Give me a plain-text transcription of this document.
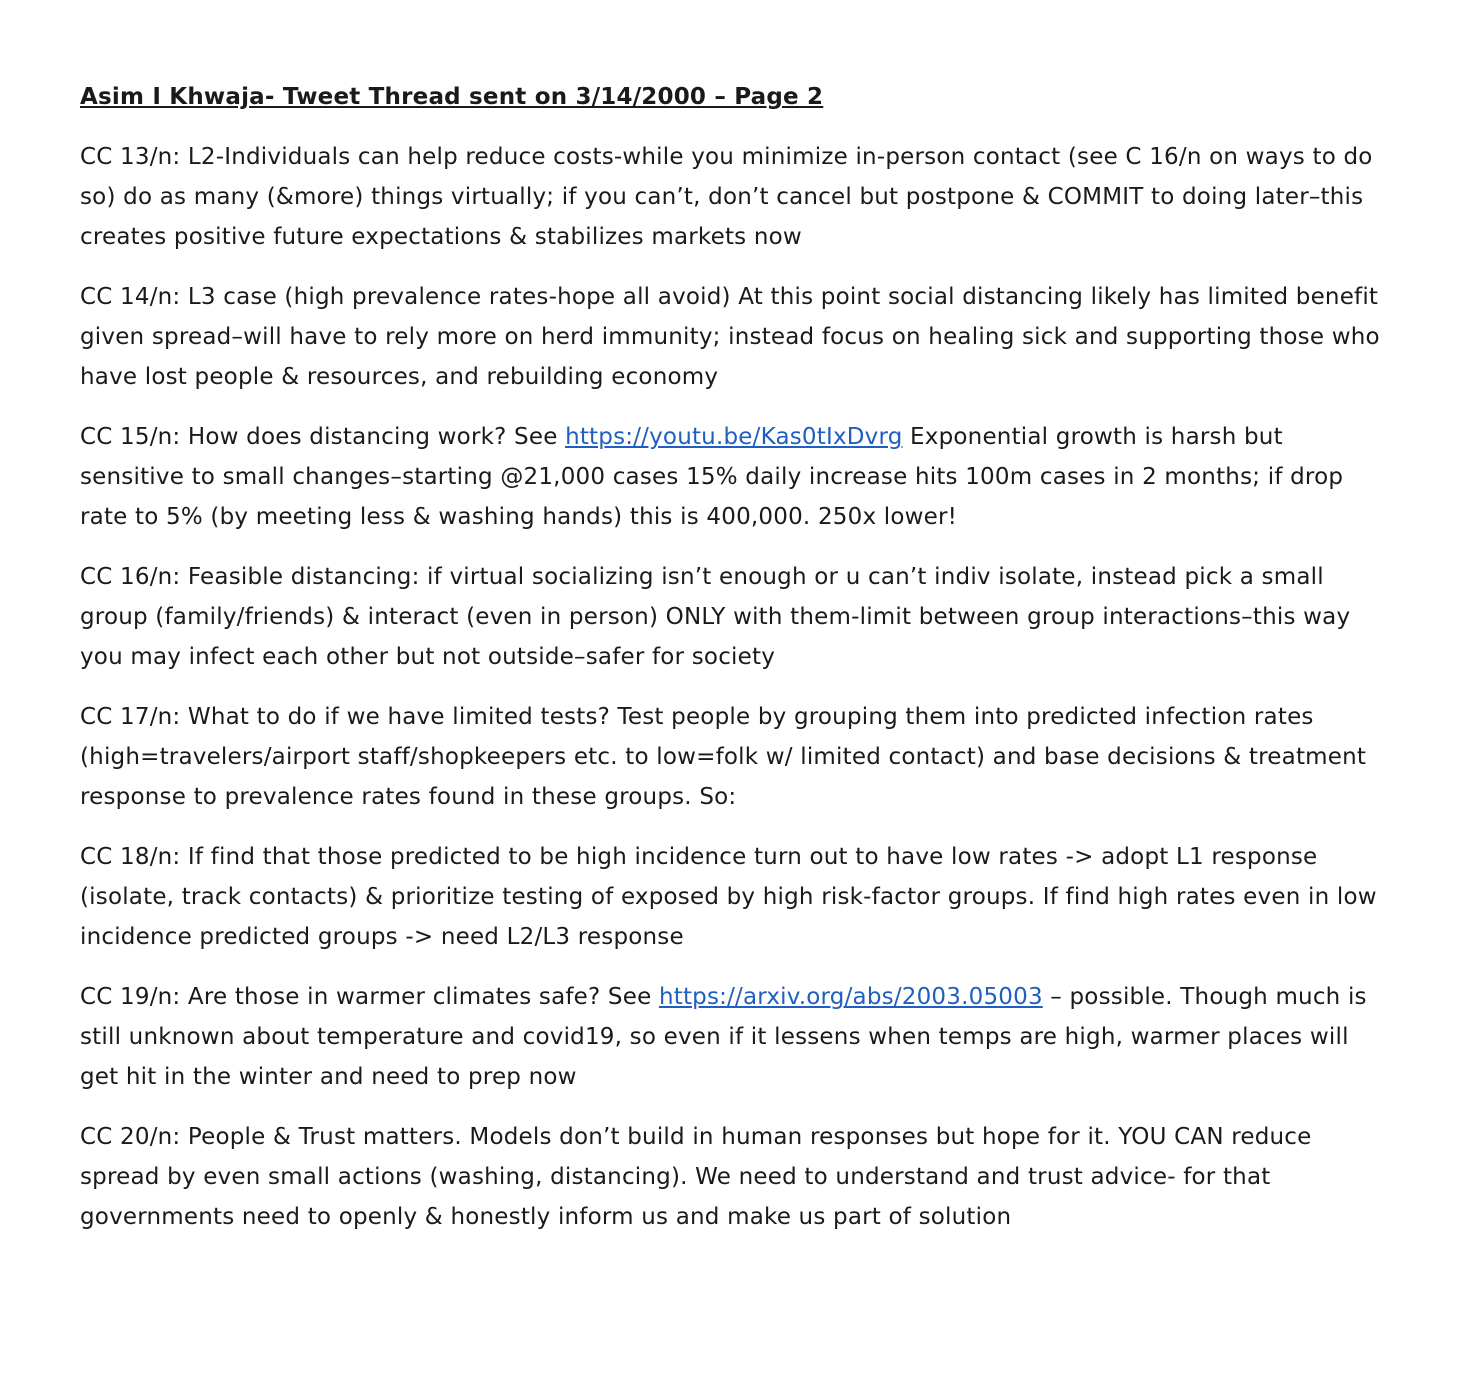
Asim I Khwaja- Tweet Thread sent on 3/14/2000 – Page 2

CC 13/n: L2-Individuals can help reduce costs-while you minimize in-person contact (see C 16/n on ways to do so) do as many (&more) things virtually; if you can’t, don’t cancel but postpone & COMMIT to doing later–this creates positive future expectations & stabilizes markets now

CC 14/n: L3 case (high prevalence rates-hope all avoid) At this point social distancing likely has limited benefit given spread–will have to rely more on herd immunity; instead focus on healing sick and supporting those who have lost people & resources, and rebuilding economy

CC 15/n: How does distancing work? See https://youtu.be/Kas0tIxDvrg Exponential growth is harsh but sensitive to small changes–starting @21,000 cases 15% daily increase hits 100m cases in 2 months; if drop rate to 5% (by meeting less & washing hands) this is 400,000. 250x lower!

CC 16/n: Feasible distancing: if virtual socializing isn’t enough or u can’t indiv isolate, instead pick a small group (family/friends) & interact (even in person) ONLY with them-limit between group interactions–this way you may infect each other but not outside–safer for society

CC 17/n: What to do if we have limited tests? Test people by grouping them into predicted infection rates (high=travelers/airport staff/shopkeepers etc. to low=folk w/ limited contact) and base decisions & treatment response to prevalence rates found in these groups. So:

CC 18/n: If find that those predicted to be high incidence turn out to have low rates -> adopt L1 response (isolate, track contacts) & prioritize testing of exposed by high risk-factor groups. If find high rates even in low incidence predicted groups -> need L2/L3 response

CC 19/n: Are those in warmer climates safe? See https://arxiv.org/abs/2003.05003 – possible. Though much is still unknown about temperature and covid19, so even if it lessens when temps are high, warmer places will get hit in the winter and need to prep now

CC 20/n: People & Trust matters. Models don’t build in human responses but hope for it. YOU CAN reduce spread by even small actions (washing, distancing). We need to understand and trust advice- for that governments need to openly & honestly inform us and make us part of solution
